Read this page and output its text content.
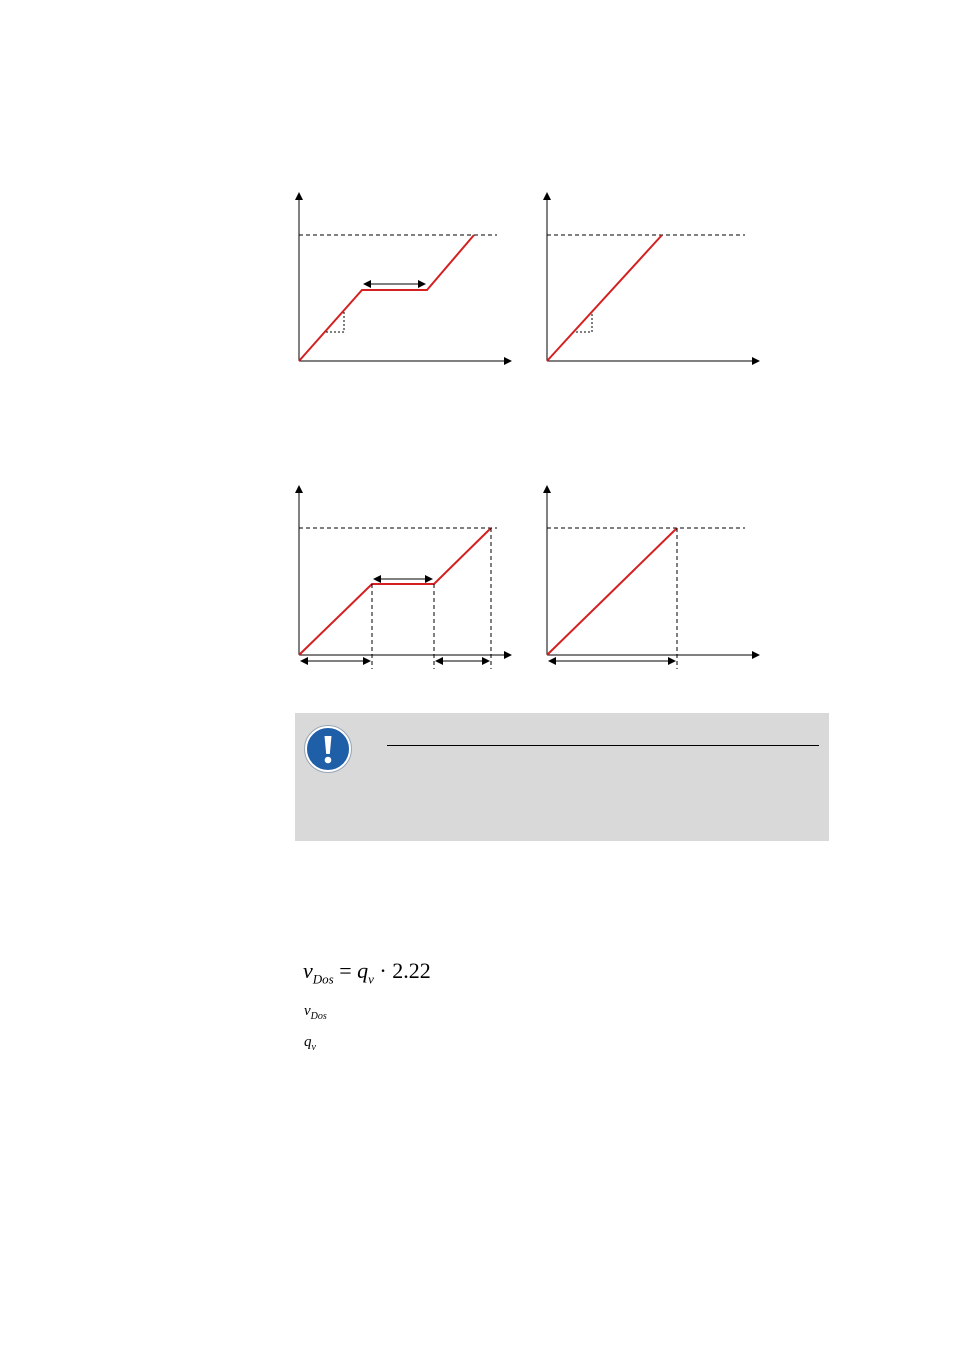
$v_{Dos} = q_v \cdot 2.22$
$v_{Dos}$
$q_v$
